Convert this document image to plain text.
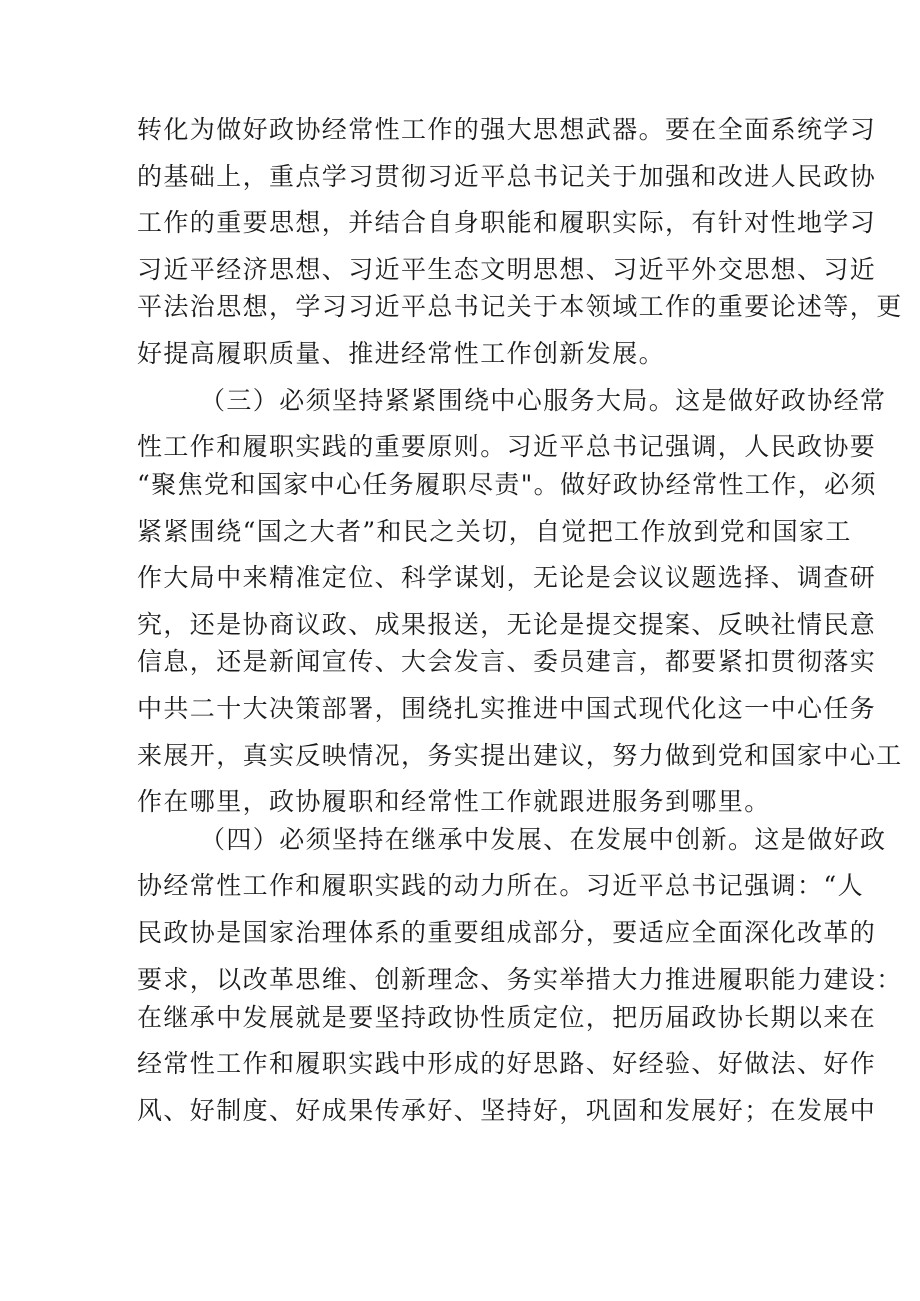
转化为做好政协经常性工作的强大思想武器。要在全面系统学习
的基础上，重点学习贯彻习近平总书记关于加强和改进人民政协
工作的重要思想，并结合自身职能和履职实际，有针对性地学习
习近平经济思想、习近平生态文明思想、习近平外交思想、习近
平法治思想，学习习近平总书记关于本领域工作的重要论述等，更
好提高履职质量、推进经常性工作创新发展。
（三）必须坚持紧紧围绕中心服务大局。这是做好政协经常
性工作和履职实践的重要原则。习近平总书记强调，人民政协要
“聚焦党和国家中心任务履职尽责"。做好政协经常性工作，必须
紧紧围绕“国之大者”和民之关切，自觉把工作放到党和国家工
作大局中来精准定位、科学谋划，无论是会议议题选择、调查研
究，还是协商议政、成果报送，无论是提交提案、反映社情民意
信息，还是新闻宣传、大会发言、委员建言，都要紧扣贯彻落实
中共二十大决策部署，围绕扎实推进中国式现代化这一中心任务
来展开，真实反映情况，务实提出建议，努力做到党和国家中心工
作在哪里，政协履职和经常性工作就跟进服务到哪里。
（四）必须坚持在继承中发展、在发展中创新。这是做好政
协经常性工作和履职实践的动力所在。习近平总书记强调：“人
民政协是国家治理体系的重要组成部分，要适应全面深化改革的
要求，以改革思维、创新理念、务实举措大力推进履职能力建设：
在继承中发展就是要坚持政协性质定位，把历届政协长期以来在
经常性工作和履职实践中形成的好思路、好经验、好做法、好作
风、好制度、好成果传承好、坚持好，巩固和发展好；在发展中
